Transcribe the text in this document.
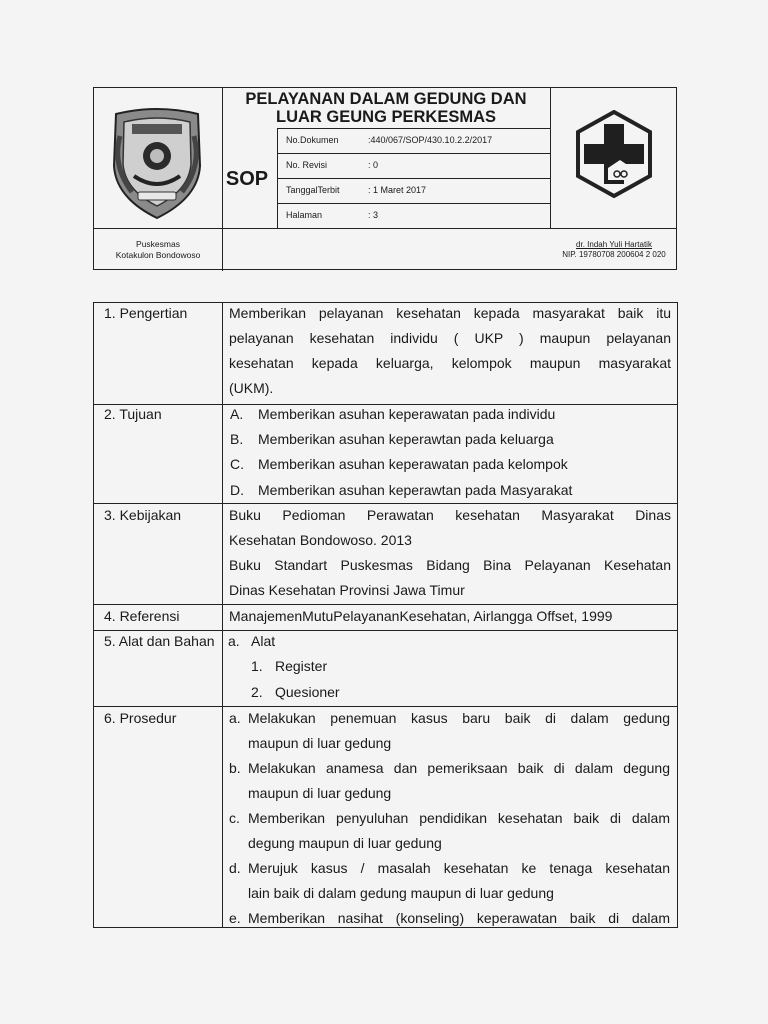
PELAYANAN DALAM GEDUNG DAN
LUAR GEUNG PERKESMAS
SOP
No.Dokumen	:440/067/SOP/430.10.2.2/2017
No. Revisi	: 0
TanggalTerbit	: 1 Maret 2017
Halaman	: 3
Puskesmas
Kotakulon Bondowoso
dr. Indah Yuli Hartatik
NIP. 19780708 200604 2 020
1. Pengertian	Memberikan pelayanan kesehatan kepada masyarakat baik itu
pelayanan kesehatan individu ( UKP ) maupun pelayanan
kesehatan kepada keluarga, kelompok maupun masyarakat
(UKM).
2. Tujuan	A. Memberikan asuhan keperawatan pada individu
B. Memberikan asuhan keperawtan pada keluarga
C. Memberikan asuhan keperawatan pada kelompok
D. Memberikan asuhan keperawtan pada Masyarakat
3. Kebijakan	Buku Pedioman Perawatan kesehatan Masyarakat Dinas
Kesehatan Bondowoso. 2013
Buku Standart Puskesmas Bidang Bina Pelayanan Kesehatan
Dinas Kesehatan Provinsi Jawa Timur
4. Referensi	ManajemenMutuPelayananKesehatan, Airlangga Offset, 1999
5. Alat dan Bahan a. Alat
1. Register
2. Quesioner
6. Prosedur	a. Melakukan penemuan kasus baru baik di dalam gedung
maupun di luar gedung
b. Melakukan anamesa dan pemeriksaan baik di dalam degung
maupun di luar gedung
c. Memberikan penyuluhan pendidikan kesehatan baik di dalam
degung maupun di luar gedung
d. Merujuk kasus / masalah kesehatan ke tenaga kesehatan
lain baik di dalam gedung maupun di luar gedung
e. Memberikan nasihat (konseling) keperawatan baik di dalam
